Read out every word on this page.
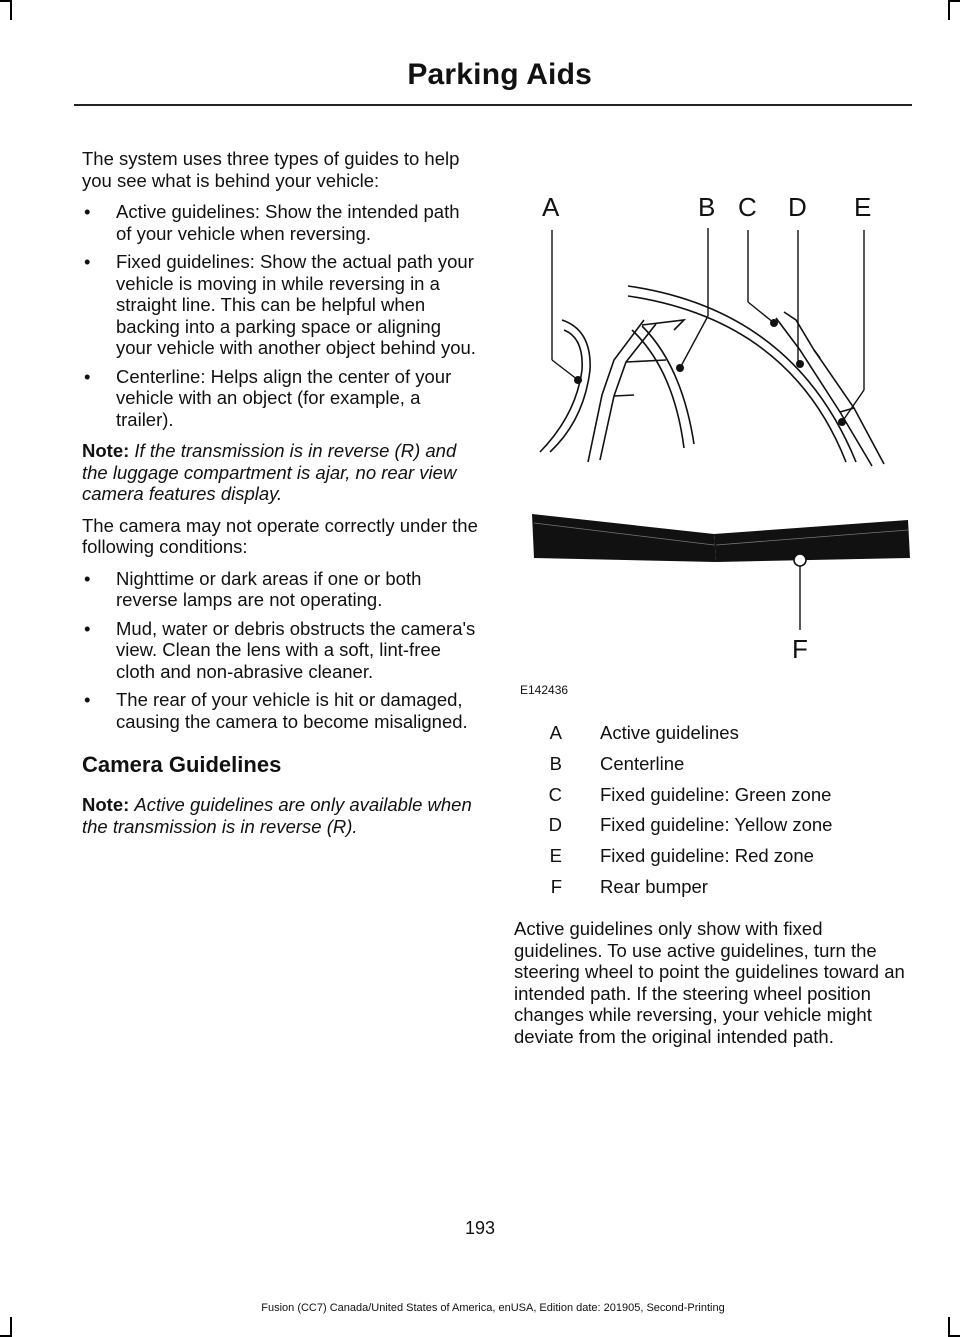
Parking Aids

The system uses three types of guides to help you see what is behind your vehicle:

• Active guidelines: Show the intended path of your vehicle when reversing.
• Fixed guidelines: Show the actual path your vehicle is moving in while reversing in a straight line. This can be helpful when backing into a parking space or aligning your vehicle with another object behind you.
• Centerline: Helps align the center of your vehicle with an object (for example, a trailer).

Note: If the transmission is in reverse (R) and the luggage compartment is ajar, no rear view camera features display.

The camera may not operate correctly under the following conditions:

• Nighttime or dark areas if one or both reverse lamps are not operating.
• Mud, water or debris obstructs the camera's view. Clean the lens with a soft, lint-free cloth and non-abrasive cleaner.
• The rear of your vehicle is hit or damaged, causing the camera to become misaligned.
Camera Guidelines

Note: Active guidelines are only available when the transmission is in reverse (R).

A	B C D E
F
E142436
A Active guidelines
B Centerline
C Fixed guideline: Green zone
D Fixed guideline: Yellow zone
E Fixed guideline: Red zone
F Rear bumper

Active guidelines only show with fixed guidelines. To use active guidelines, turn the steering wheel to point the guidelines toward an intended path. If the steering wheel position changes while reversing, your vehicle might deviate from the original intended path.

193
Fusion (CC7) Canada/United States of America, enUSA, Edition date: 201905, Second-Printing
